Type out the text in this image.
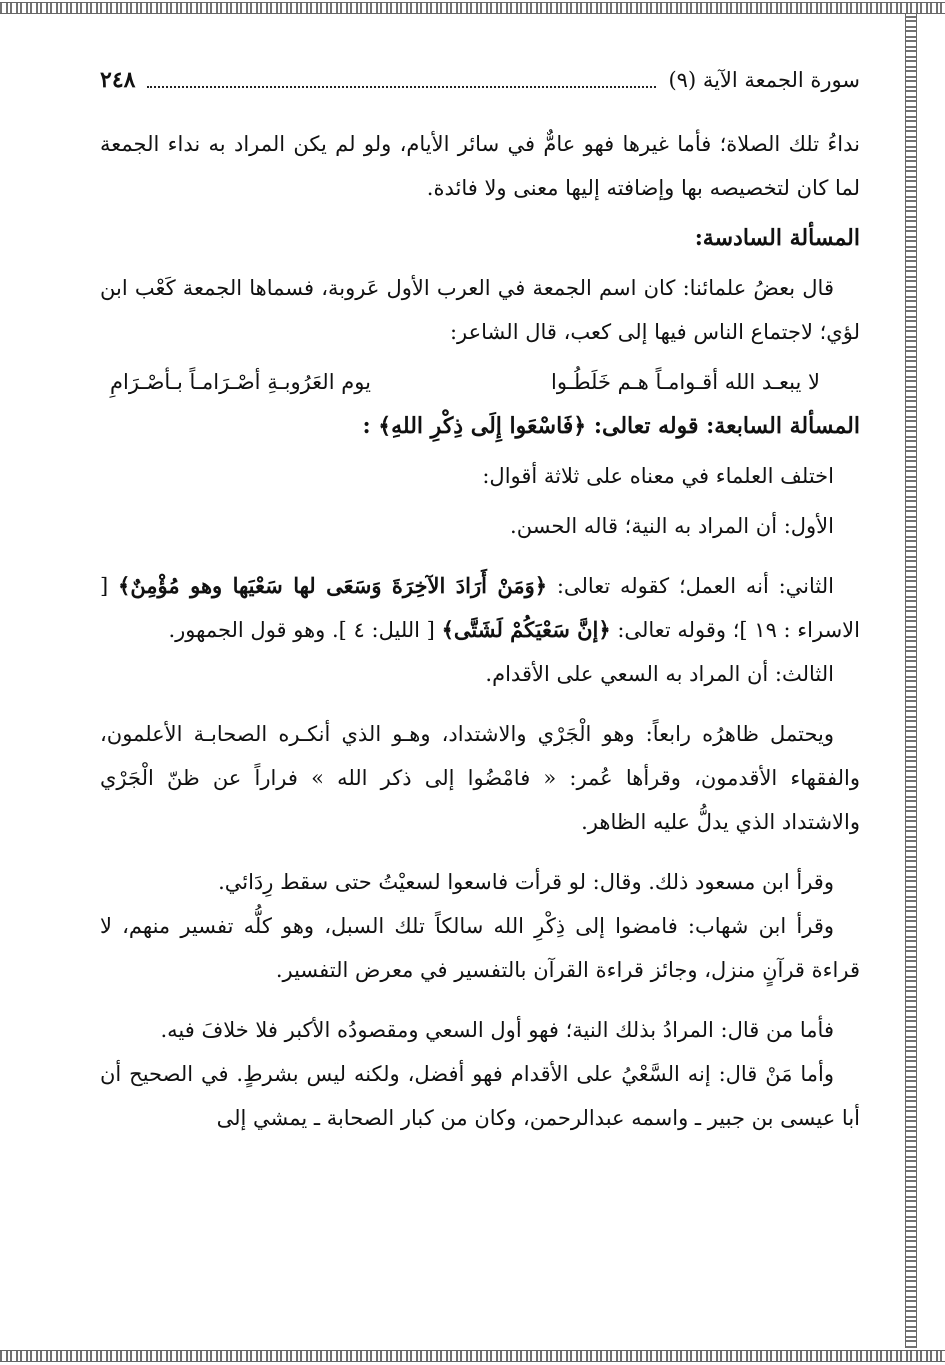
سورة الجمعة الآية (٩)
٢٤٨

نداءُ تلك الصلاة؛ فأما غيرها فهو عامٌّ في سائر الأيام، ولو لم يكن المراد به نداء الجمعة لما كان لتخصيصه بها وإضافته إليها معنى ولا فائدة.

المسألة السادسة:

قال بعضُ علمائنا: كان اسم الجمعة في العرب الأول عَروبة، فسماها الجمعة كَعْب ابن لؤي؛ لاجتماع الناس فيها إلى كعب، قال الشاعر:

لا يبعـد الله أقـوامـاً هـم خَلَطُـوا
يوم العَرُوبـةِ أصْـرَامـاً بـأصْـرَامِ

المسألة السابعة: قوله تعالى: ﴿فَاسْعَوا إِلَى ذِكْرِ اللهِ﴾ :

اختلف العلماء في معناه على ثلاثة أقوال:

الأول: أن المراد به النية؛ قاله الحسن.

الثاني: أنه العمل؛ كقوله تعالى: ﴿وَمَنْ أَرَادَ الآخِرَةَ وَسَعَى لها سَعْيَها وهو مُؤْمِنٌ﴾ [ الاسراء : ١٩ ]؛ وقوله تعالى: ﴿إنَّ سَعْيَكُمْ لَشَتَّى﴾ [ الليل: ٤ ]. وهو قول الجمهور.

الثالث: أن المراد به السعي على الأقدام.

ويحتمل ظاهرُه رابعاً: وهو الْجَرْي والاشتداد، وهـو الذي أنكـره الصحابـة الأعلمون، والفقهاء الأقدمون، وقرأها عُمر: « فامْضُوا إلى ذكر الله » فراراً عن ظنّ الْجَرْي والاشتداد الذي يدلُّ عليه الظاهر.

وقرأ ابن مسعود ذلك. وقال: لو قرأت فاسعوا لسعيْتُ حتى سقط رِدَائي.

وقرأ ابن شهاب: فامضوا إلى ذِكْرِ الله سالكاً تلك السبل، وهو كلُّه تفسير منهم، لا قراءة قرآنٍ منزل، وجائز قراءة القرآن بالتفسير في معرض التفسير.

فأما من قال: المرادُ بذلك النية؛ فهو أول السعي ومقصودُه الأكبر فلا خلافَ فيه.

وأما مَنْ قال: إنه السَّعْيُ على الأقدام فهو أفضل، ولكنه ليس بشرطٍ. في الصحيح أن أبا عيسى بن جبير ـ واسمه عبدالرحمن، وكان من كبار الصحابة ـ يمشي إلى
